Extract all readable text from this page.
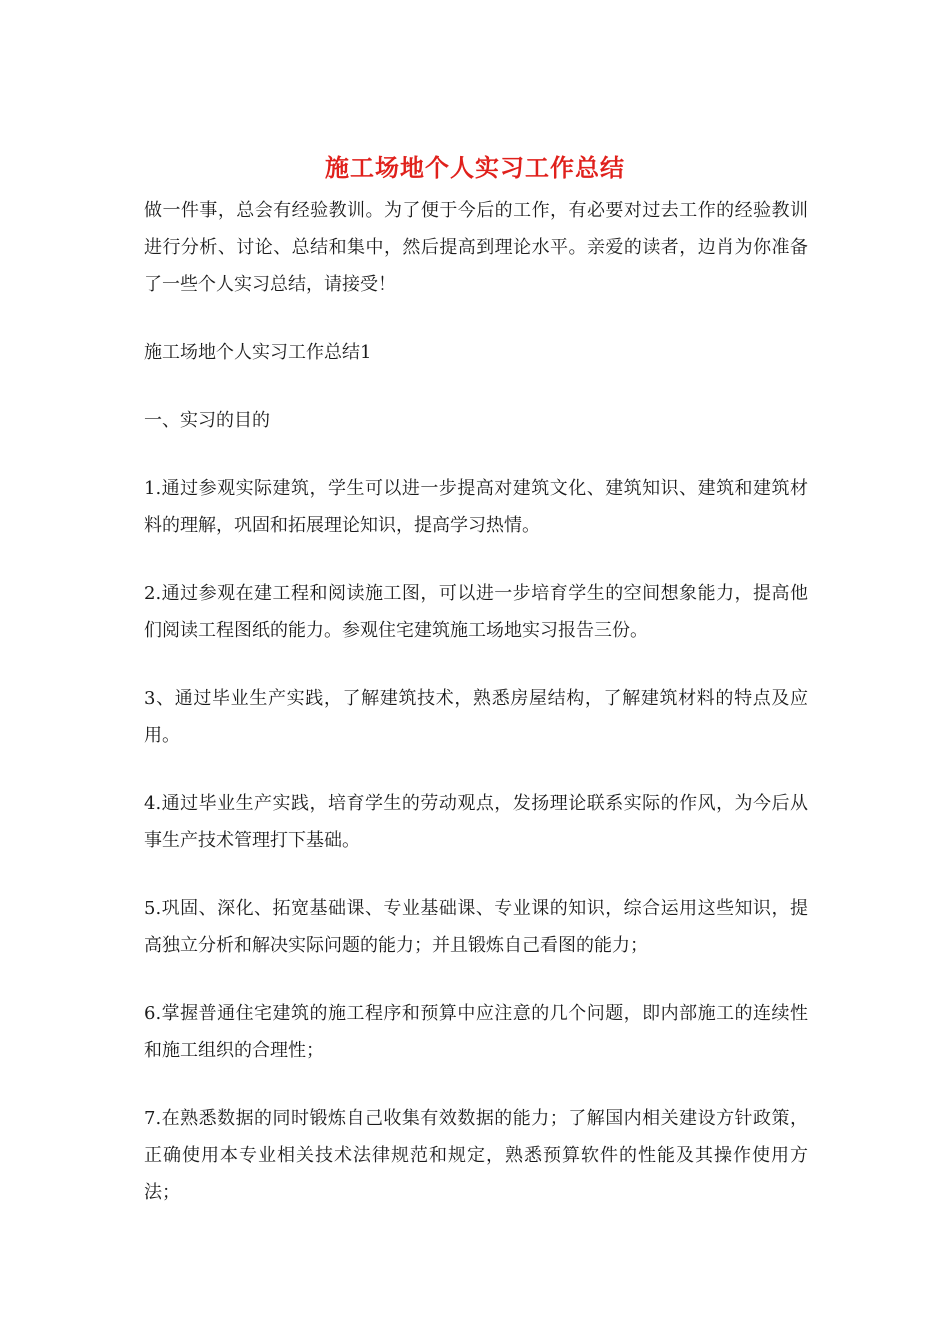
施工场地个人实习工作总结

做一件事，总会有经验教训。为了便于今后的工作，有必要对过去工作的经验教训进行分析、讨论、总结和集中，然后提高到理论水平。亲爱的读者，边肖为你准备了一些个人实习总结，请接受！

施工场地个人实习工作总结1

一、实习的目的

1.通过参观实际建筑，学生可以进一步提高对建筑文化、建筑知识、建筑和建筑材料的理解，巩固和拓展理论知识，提高学习热情。

2.通过参观在建工程和阅读施工图，可以进一步培育学生的空间想象能力，提高他们阅读工程图纸的能力。参观住宅建筑施工场地实习报告三份。

3、通过毕业生产实践，了解建筑技术，熟悉房屋结构，了解建筑材料的特点及应用。

4.通过毕业生产实践，培育学生的劳动观点，发扬理论联系实际的作风，为今后从事生产技术管理打下基础。

5.巩固、深化、拓宽基础课、专业基础课、专业课的知识，综合运用这些知识，提高独立分析和解决实际问题的能力；并且锻炼自己看图的能力；

6.掌握普通住宅建筑的施工程序和预算中应注意的几个问题，即内部施工的连续性和施工组织的合理性；

7.在熟悉数据的同时锻炼自己收集有效数据的能力；了解国内相关建设方针政策，正确使用本专业相关技术法律规范和规定，熟悉预算软件的性能及其操作使用方法；
